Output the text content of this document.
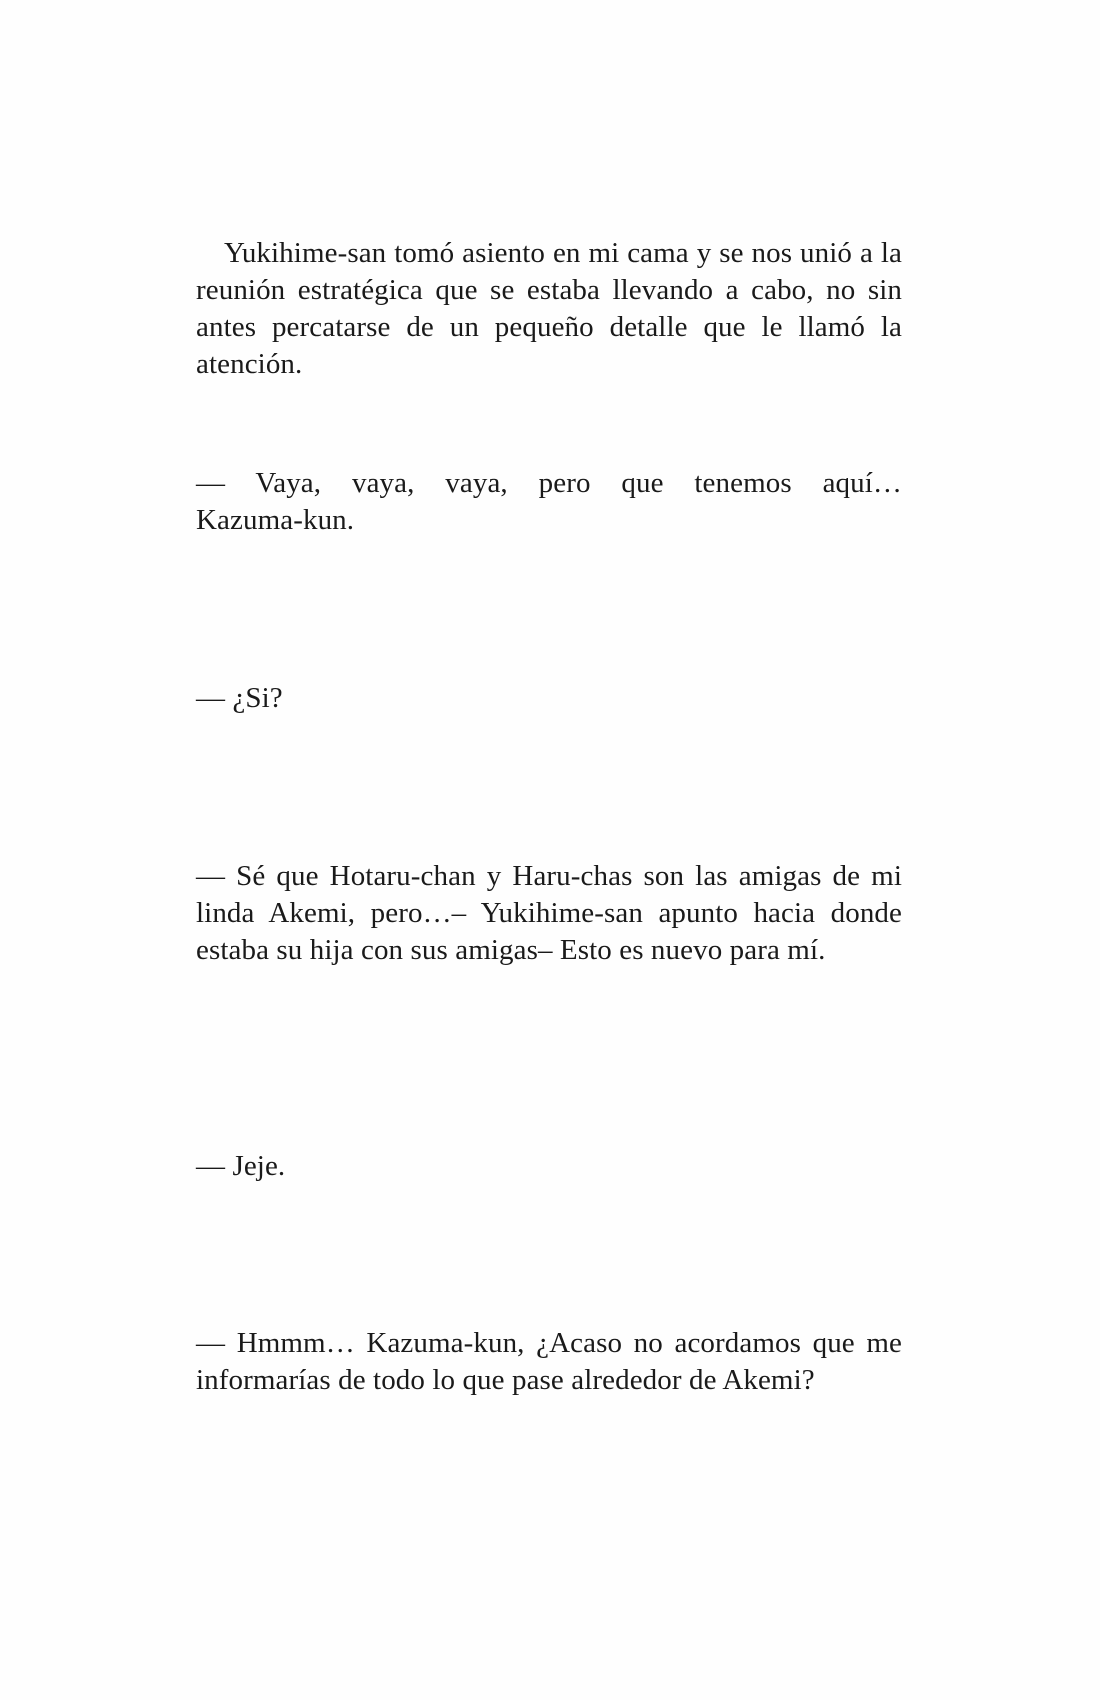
Yukihime-san tomó asiento en mi cama y se nos unió a la reunión estratégica que se estaba llevando a cabo, no sin antes percatarse de un pequeño detalle que le llamó la atención.

— Vaya, vaya, vaya, pero que tenemos aquí…
Kazuma-kun.

— ¿Si?

— Sé que Hotaru-chan y Haru-chas son las amigas de mi linda Akemi, pero…– Yukihime-san apunto hacia donde estaba su hija con sus amigas– Esto es nuevo para mí.

— Jeje.

— Hmmm… Kazuma-kun, ¿Acaso no acordamos que me informarías de todo lo que pase alrededor de Akemi?
